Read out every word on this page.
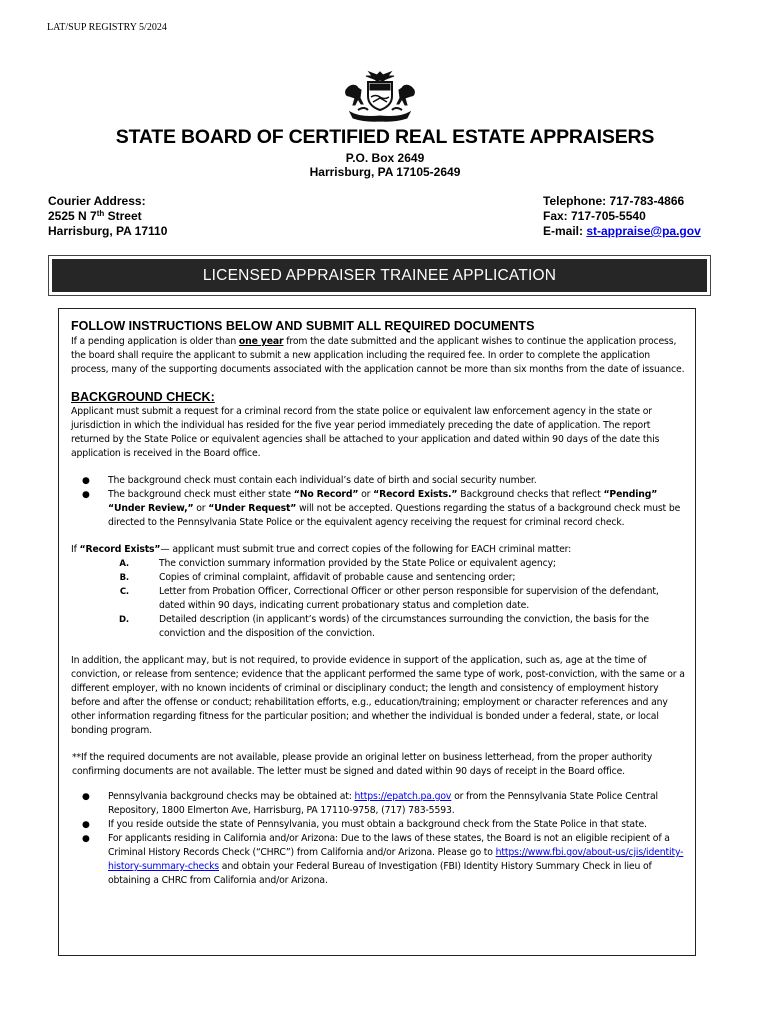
LAT/SUP REGISTRY 5/2024
STATE BOARD OF CERTIFIED REAL ESTATE APPRAISERS
P.O. Box 2649
Harrisburg, PA 17105-2649
Courier Address:
2525 N 7th Street
Harrisburg, PA 17110
Telephone: 717-783-4866
Fax: 717-705-5540
E-mail: st-appraise@pa.gov
LICENSED APPRAISER TRAINEE APPLICATION
FOLLOW INSTRUCTIONS BELOW AND SUBMIT ALL REQUIRED DOCUMENTS

If a pending application is older than one year from the date submitted and the applicant wishes to continue the application process, the board shall require the applicant to submit a new application including the required fee. In order to complete the application process, many of the supporting documents associated with the application cannot be more than six months from the date of issuance.

BACKGROUND CHECK:

Applicant must submit a request for a criminal record from the state police or equivalent law enforcement agency in the state or jurisdiction in which the individual has resided for the five year period immediately preceding the date of application. The report returned by the State Police or equivalent agencies shall be attached to your application and dated within 90 days of the date this application is received in the Board office.

●	The background check must contain each individual’s date of birth and social security number.
●	The background check must either state “No Record” or “Record Exists.” Background checks that reflect “Pending” “Under Review,” or “Under Request” will not be accepted. Questions regarding the status of a background check must be directed to the Pennsylvania State Police or the equivalent agency receiving the request for criminal record check.

If “Record Exists”— applicant must submit true and correct copies of the following for EACH criminal matter:

A.	The conviction summary information provided by the State Police or equivalent agency;
B.	Copies of criminal complaint, affidavit of probable cause and sentencing order;
C.	Letter from Probation Officer, Correctional Officer or other person responsible for supervision of the defendant, dated within 90 days, indicating current probationary status and completion date.
D.	Detailed description (in applicant’s words) of the circumstances surrounding the conviction, the basis for the conviction and the disposition of the conviction.

In addition, the applicant may, but is not required, to provide evidence in support of the application, such as, age at the time of conviction, or release from sentence; evidence that the applicant performed the same type of work, post-conviction, with the same or a different employer, with no known incidents of criminal or disciplinary conduct; the length and consistency of employment history before and after the offense or conduct; rehabilitation efforts, e.g., education/training; employment or character references and any other information regarding fitness for the particular position; and whether the individual is bonded under a federal, state, or local bonding program.

**If the required documents are not available, please provide an original letter on business letterhead, from the proper authority confirming documents are not available. The letter must be signed and dated within 90 days of receipt in the Board office.

●	Pennsylvania background checks may be obtained at: https://epatch.pa.gov or from the Pennsylvania State Police Central Repository, 1800 Elmerton Ave, Harrisburg, PA 17110-9758, (717) 783-5593.
●	If you reside outside the state of Pennsylvania, you must obtain a background check from the State Police in that state.
●	For applicants residing in California and/or Arizona: Due to the laws of these states, the Board is not an eligible recipient of a Criminal History Records Check (“CHRC”) from California and/or Arizona. Please go to https://www.fbi.gov/about-us/cjis/identity-history-summary-checks and obtain your Federal Bureau of Investigation (FBI) Identity History Summary Check in lieu of obtaining a CHRC from California and/or Arizona.
